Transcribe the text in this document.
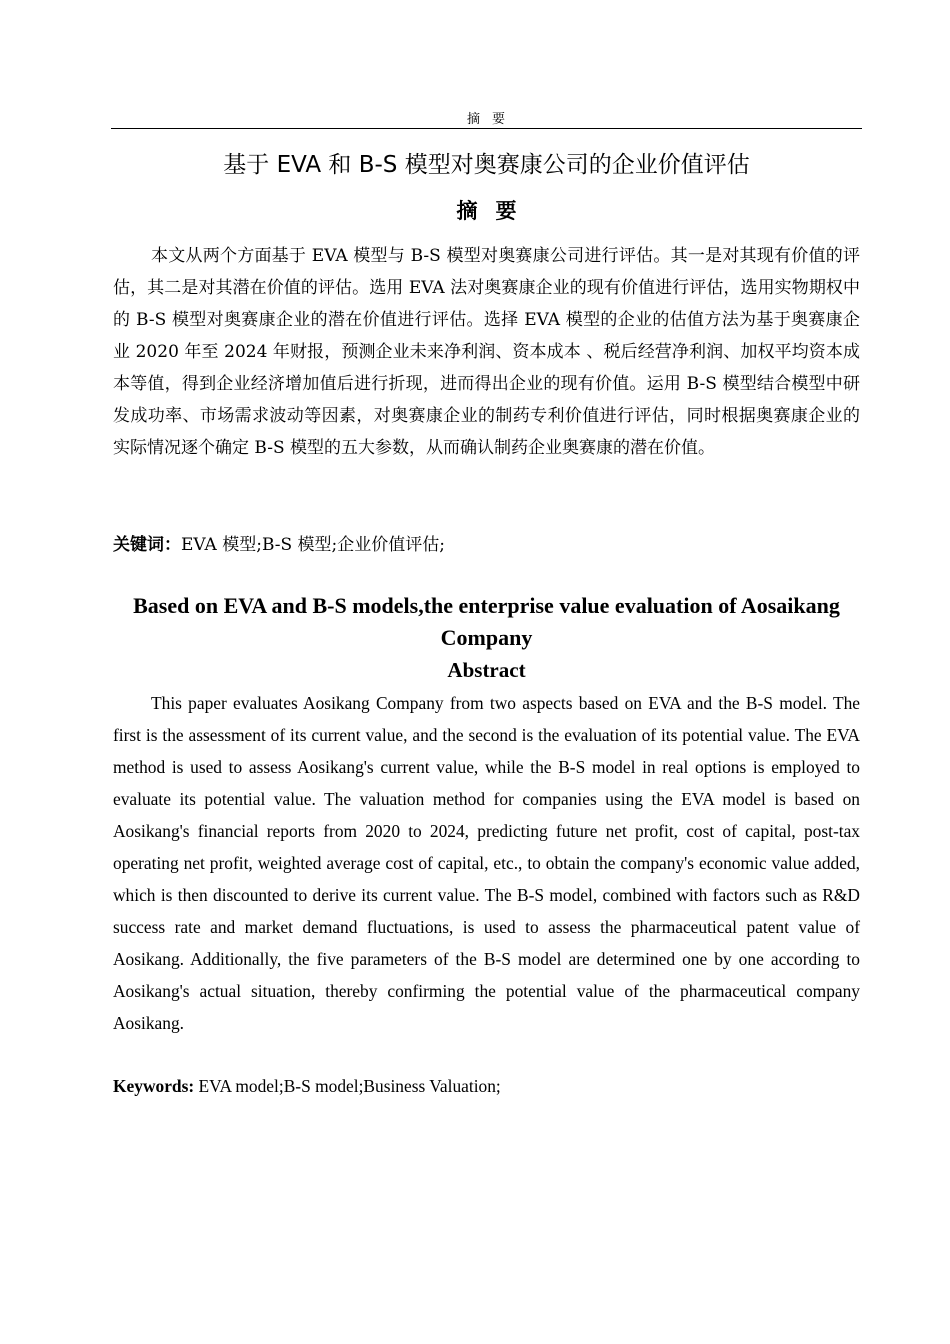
摘要
基于 EVA 和 B-S 模型对奥赛康公司的企业价值评估
摘要

本文从两个方面基于 EVA 模型与 B-S 模型对奥赛康公司进行评估。其一是对其现有价值的评估，其二是对其潜在价值的评估。选用 EVA 法对奥赛康企业的现有价值进行评估，选用实物期权中的 B-S 模型对奥赛康企业的潜在价值进行评估。选择 EVA 模型的企业的估值方法为基于奥赛康企业 2020 年至 2024 年财报，预测企业未来净利润、资本成本 、税后经营净利润、加权平均资本成本等值，得到企业经济增加值后进行折现，进而得出企业的现有价值。运用 B-S 模型结合模型中研发成功率、市场需求波动等因素，对奥赛康企业的制药专利价值进行评估，同时根据奥赛康企业的实际情况逐个确定 B-S 模型的五大参数，从而确认制药企业奥赛康的潜在价值。

关键词：EVA 模型;B-S 模型;企业价值评估;

Based on EVA and B-S models,the enterprise value evaluation of Aosaikang Company

Abstract

This paper evaluates Aosikang Company from two aspects based on EVA and the B-S model. The first is the assessment of its current value, and the second is the evaluation of its potential value. The EVA method is used to assess Aosikang's current value, while the B-S model in real options is employed to evaluate its potential value. The valuation method for companies using the EVA model is based on Aosikang's financial reports from 2020 to 2024, predicting future net profit, cost of capital, post-tax operating net profit, weighted average cost of capital, etc., to obtain the company's economic value added, which is then discounted to derive its current value. The B-S model, combined with factors such as R&D success rate and market demand fluctuations, is used to assess the pharmaceutical patent value of Aosikang. Additionally, the five parameters of the B-S model are determined one by one according to Aosikang's actual situation, thereby confirming the potential value of the pharmaceutical company Aosikang.

Keywords: EVA model;B-S model;Business Valuation;
